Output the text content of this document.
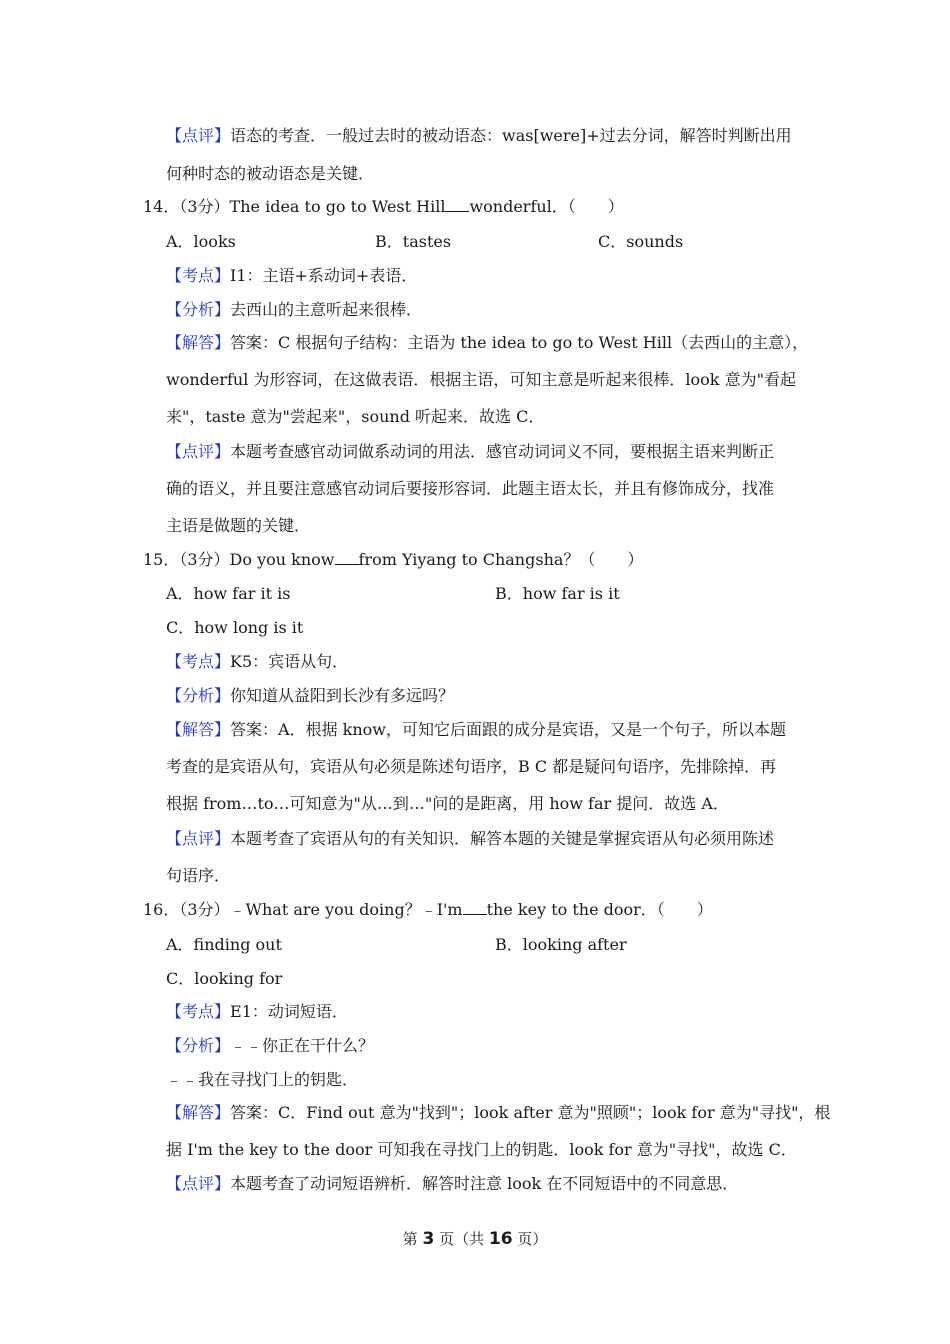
【点评】语态的考查．一般过去时的被动语态：was[were]+过去分词，解答时判断出用
何种时态的被动语态是关键．
14．（3分）The idea to go to West Hill wonderful．（　　）
A．looks	B．tastes	C．sounds
【考点】I1：主语+系动词+表语．
【分析】去西山的主意听起来很棒．
【解答】答案：C 根据句子结构：主语为 the idea to go to West Hill（去西山的主意），
wonderful 为形容词，在这做表语．根据主语，可知主意是听起来很棒．look 意为"看起
来"，taste 意为"尝起来"，sound 听起来．故选 C．
【点评】本题考查感官动词做系动词的用法．感官动词词义不同，要根据主语来判断正
确的语义，并且要注意感官动词后要接形容词．此题主语太长，并且有修饰成分，找准
主语是做题的关键．
15．（3分）Do you know from Yiyang to Changsha？（　　）
A．how far it is	B．how far is it
C．how long is it
【考点】K5：宾语从句．
【分析】你知道从益阳到长沙有多远吗？
【解答】答案：A．根据 know，可知它后面跟的成分是宾语，又是一个句子，所以本题
考查的是宾语从句，宾语从句必须是陈述句语序，B C 都是疑问句语序，先排除掉．再
根据 from…to…可知意为"从…到…"问的是距离，用 how far 提问．故选 A．
【点评】本题考查了宾语从句的有关知识．解答本题的关键是掌握宾语从句必须用陈述
句语序．
16．（3分）﹣What are you doing？﹣I'm the key to the door．（　　）
A．finding out	B．looking after
C．looking for
【考点】E1：动词短语．
【分析】﹣﹣你正在干什么？
﹣﹣我在寻找门上的钥匙．
【解答】答案：C．Find out 意为"找到"；look after 意为"照顾"；look for 意为"寻找"，根
据 I'm the key to the door 可知我在寻找门上的钥匙．look for 意为"寻找"，故选 C．
【点评】本题考查了动词短语辨析．解答时注意 look 在不同短语中的不同意思．
第 3 页（共 16 页）
